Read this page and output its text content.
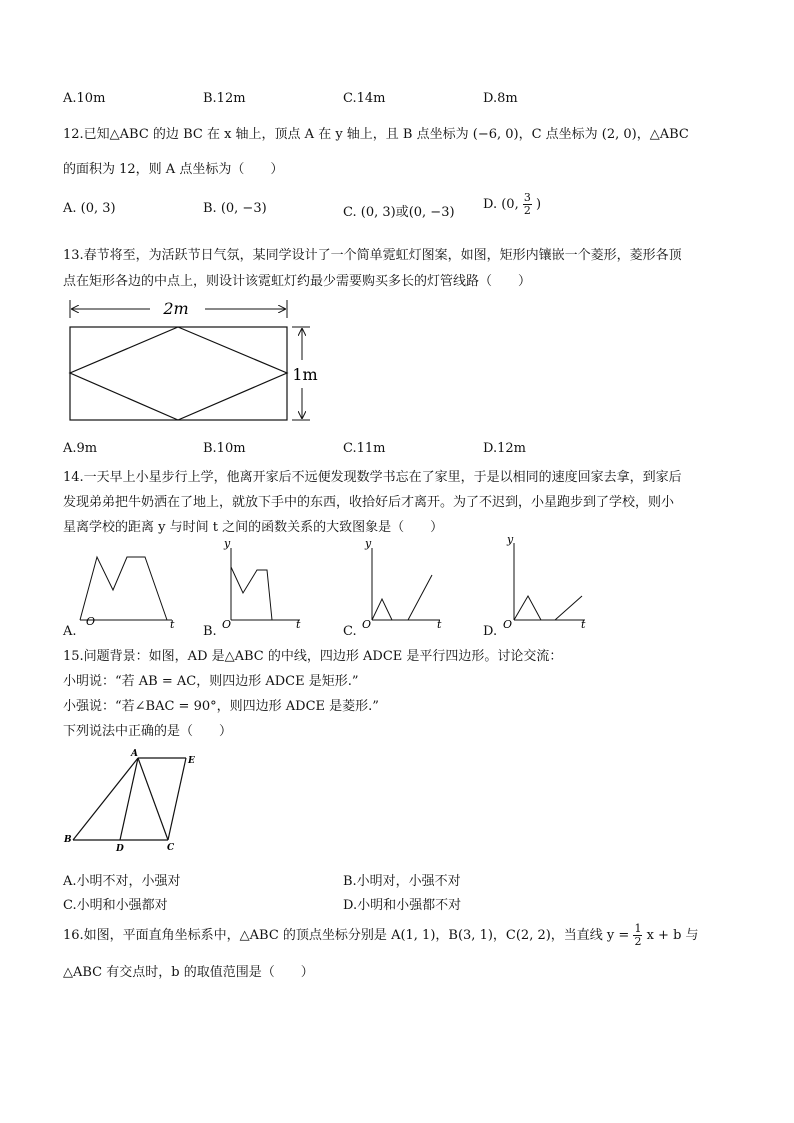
A.10m	B.12m	C.14m	D.8m
12.已知△ABC 的边 BC 在 x 轴上，顶点 A 在 y 轴上，且 B 点坐标为 (−6, 0)，C 点坐标为 (2, 0)，△ABC
的面积为 12，则 A 点坐标为（　　）
A. (0, 3)	B. (0, −3)	C. (0, 3)或(0, −3)
D. (0, $\frac{3}{2}$ )
13.春节将至，为活跃节日气氛，某同学设计了一个简单霓虹灯图案，如图，矩形内镶嵌一个菱形，菱形各顶
点在矩形各边的中点上，则设计该霓虹灯约最少需要购买多长的灯管线路（　　）
2m
1m
A.9m	B.10m	C.11m	D.12m
14.一天早上小星步行上学，他离开家后不远便发现数学书忘在了家里，于是以相同的速度回家去拿，到家后
发现弟弟把牛奶洒在了地上，就放下手中的东西，收拾好后才离开。为了不迟到，小星跑步到了学校，则小
星离学校的距离 y 与时间 t 之间的函数关系的大致图象是（　　）
O	t
y
O	t
y
O	t
y
O	t
A.	B.	C.	D.
15.问题背景：如图，AD 是△ABC 的中线，四边形 ADCE 是平行四边形。讨论交流：
小明说：“若 AB = AC，则四边形 ADCE 是矩形.”
小强说：“若∠BAC = 90°，则四边形 ADCE 是菱形.”
下列说法中正确的是（　　）
A
E
B
D	C
A.小明不对，小强对	B.小明对，小强不对
C.小明和小强都对	D.小明和小强都不对
16.如图，平面直角坐标系中，△ABC 的顶点坐标分别是 A(1, 1)，B(3, 1)，C(2, 2)，当直线 $y = \frac{1}{2}$ x + b 与
△ABC 有交点时，b 的取值范围是（　　）
